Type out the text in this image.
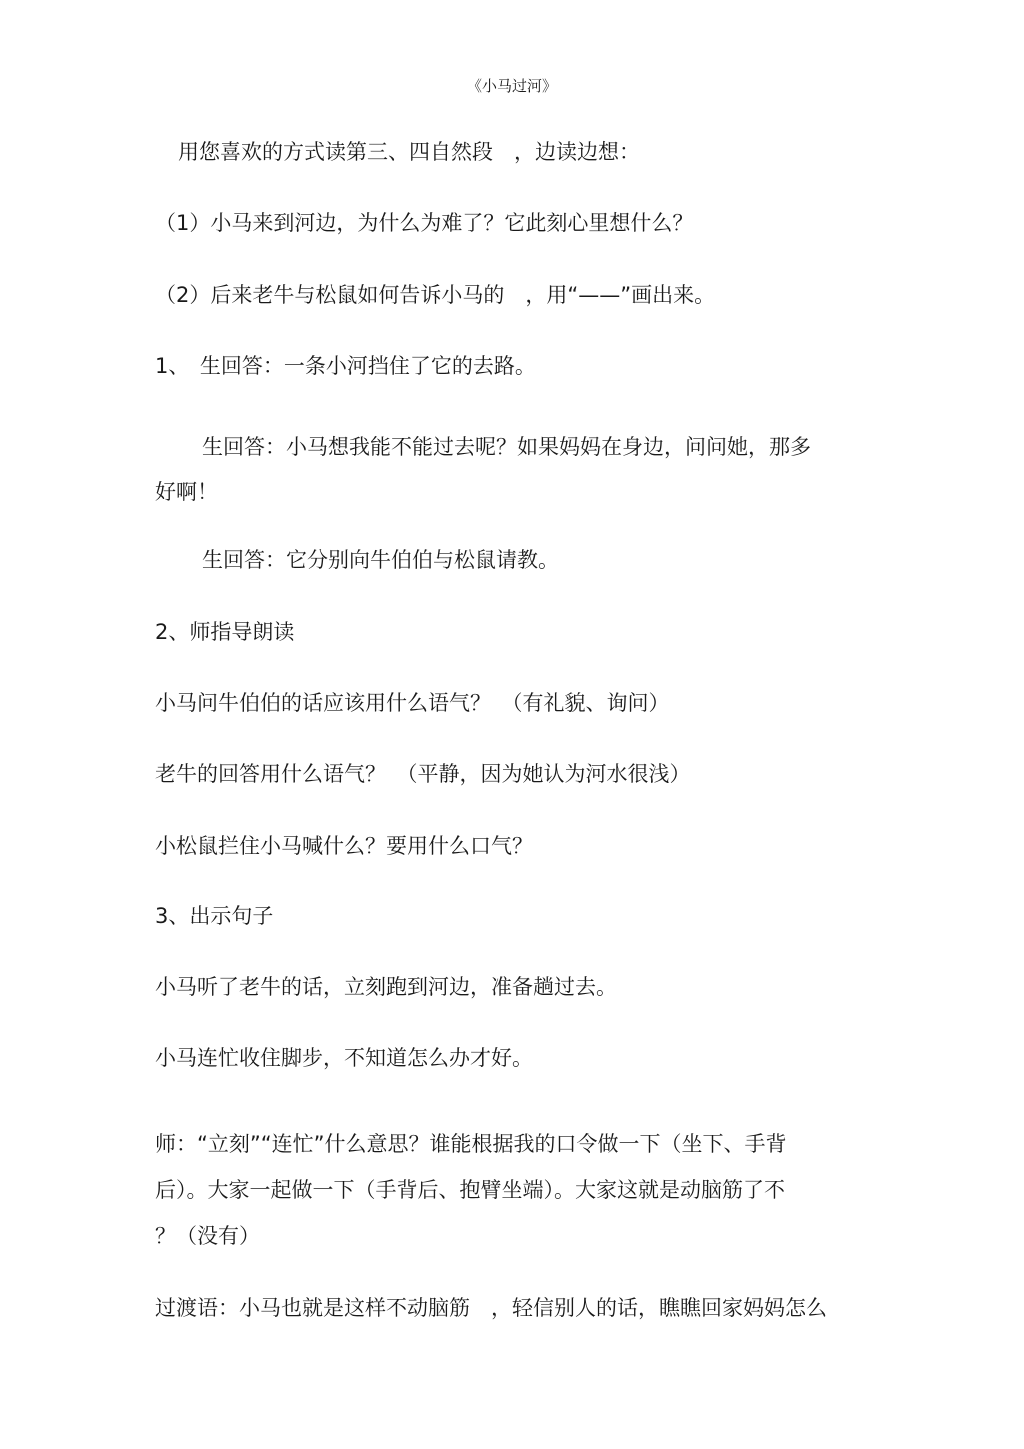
《小马过河》
用您喜欢的方式读第三、四自然段　，边读边想：
（1）小马来到河边，为什么为难了？它此刻心里想什么？
（2）后来老牛与松鼠如何告诉小马的　，用“——”画出来。
1、　生回答：一条小河挡住了它的去路。
生回答：小马想我能不能过去呢？如果妈妈在身边，问问她，那多
好啊！
生回答：它分别向牛伯伯与松鼠请教。
2、师指导朗读
小马问牛伯伯的话应该用什么语气？　（有礼貌、询问）
老牛的回答用什么语气？　（平静，因为她认为河水很浅）
小松鼠拦住小马喊什么？要用什么口气？
3、出示句子
小马听了老牛的话，立刻跑到河边，准备趟过去。
小马连忙收住脚步，不知道怎么办才好。
师：“立刻”“连忙”什么意思？谁能根据我的口令做一下（坐下、手背
后）。大家一起做一下（手背后、抱臂坐端）。大家这就是动脑筋了不
？（没有）
过渡语：小马也就是这样不动脑筋　，轻信别人的话，瞧瞧回家妈妈怎么
